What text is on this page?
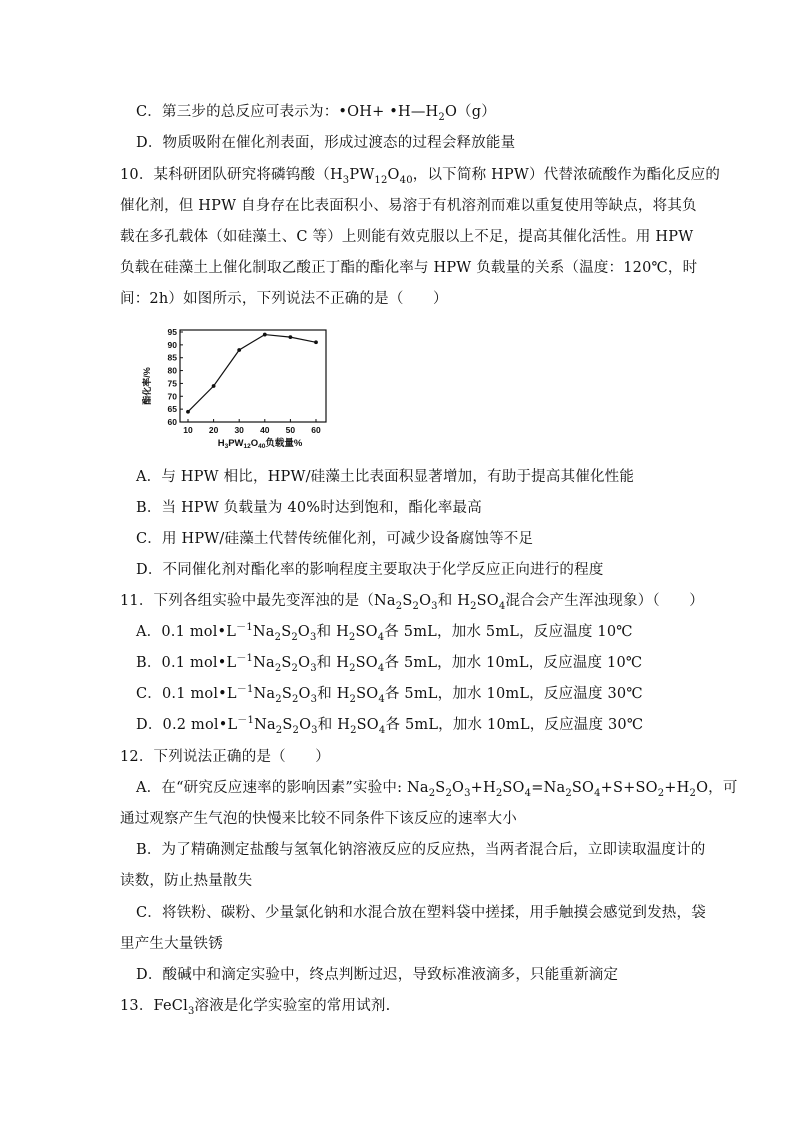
C．第三步的总反应可表示为：•OH+ $•H—H_2O(g)$
D．物质吸附在催化剂表面，形成过渡态的过程会释放能量
10．某科研团队研究将磷钨酸（$H_3PW_{12}O_{40}$，以下简称 HPW）代替浓硫酸作为酯化反应的
催化剂，但 HPW 自身存在比表面积小、易溶于有机溶剂而难以重复使用等缺点，将其负
载在多孔载体（如硅藻土、C 等）上则能有效克服以上不足，提高其催化活性。用 HPW
负载在硅藻土上催化制取乙酸正丁酯的酯化率与 HPW 负载量的关系（温度：120℃，时
间：2h）如图所示，下列说法不正确的是（　　）
95
90
85
80
75
70
65
60
10 20 30 40 50 60
酯化率/%
$H_3PW_{12}O_{40}$负载量%
A．与 HPW 相比，HPW/硅藻土比表面积显著增加，有助于提高其催化性能
B．当 HPW 负载量为 40%时达到饱和，酯化率最高
C．用 HPW/硅藻土代替传统催化剂，可减少设备腐蚀等不足
D．不同催化剂对酯化率的影响程度主要取决于化学反应正向进行的程度
11．下列各组实验中最先变浑浊的是（$Na_2S_2O_3$和 $H_2SO_4$混合会产生浑浊现象）（　　）
A．0.1 $mol•L^{-1}Na_2S_2O_3$和 $H_2SO_4$各 5mL，加水 5mL，反应温度 10℃
B．0.1 $mol•L^{-1}Na_2S_2O_3$和 $H_2SO_4$各 5mL，加水 10mL，反应温度 10℃
C．0.1 $mol•L^{-1}Na_2S_2O_3$和 $H_2SO_4$各 5mL，加水 10mL，反应温度 30℃
D．0.2 $mol•L^{-1}Na_2S_2O_3$和 $H_2SO_4$各 5mL，加水 10mL，反应温度 30℃
12．下列说法正确的是（　　）
A．在“研究反应速率的影响因素”实验中: $Na_2S_2O_3+H_2SO_4=Na_2SO_4+S+SO_2+H_2O$，可
通过观察产生气泡的快慢来比较不同条件下该反应的速率大小
B．为了精确测定盐酸与氢氧化钠溶液反应的反应热，当两者混合后，立即读取温度计的
读数，防止热量散失
C．将铁粉、碳粉、少量氯化钠和水混合放在塑料袋中搓揉，用手触摸会感觉到发热，袋
里产生大量铁锈
D．酸碱中和滴定实验中，终点判断过迟，导致标准液滴多，只能重新滴定
13．FeCl$_3$溶液是化学实验室的常用试剂.
